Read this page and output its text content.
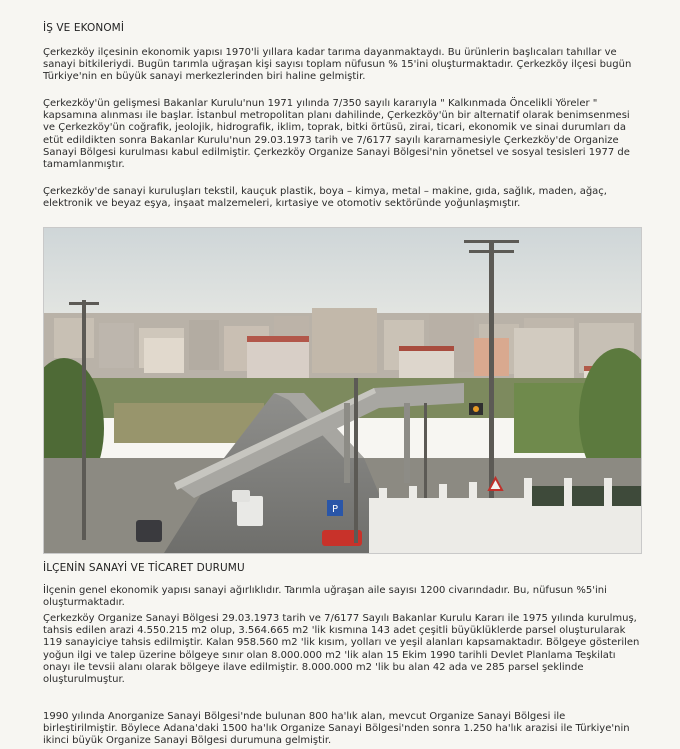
İŞ VE EKONOMİ

Çerkezköy ilçesinin ekonomik yapısı 1970'li yıllara kadar tarıma dayanmaktaydı. Bu ürünlerin başlıcaları tahıllar ve sanayi bitkileriydi. Bugün tarımla uğraşan kişi sayısı toplam nüfusun % 15'ini oluşturmaktadır. Çerkezköy ilçesi bugün Türkiye'nin en büyük sanayi merkezlerinden biri haline gelmiştir.

Çerkezköy'ün gelişmesi Bakanlar Kurulu'nun 1971 yılında 7/350 sayılı kararıyla " Kalkınmada Öncelikli Yöreler " kapsamına alınması ile başlar. İstanbul metropolitan planı dahilinde, Çerkezköy'ün bir alternatif olarak benimsenmesi ve Çerkezköy'ün coğrafik, jeolojik, hidrografik, iklim, toprak, bitki örtüsü, zirai, ticari, ekonomik ve sinai durumları da etüt edildikten sonra Bakanlar Kurulu'nun 29.03.1973 tarih ve 7/6177 sayılı kararnamesiyle Çerkezköy'de Organize Sanayi Bölgesi kurulması kabul edilmiştir. Çerkezköy Organize Sanayi Bölgesi'nin yönetsel ve sosyal tesisleri 1977 de tamamlanmıştır.

Çerkezköy'de sanayi kuruluşları tekstil, kauçuk plastik, boya – kimya, metal – makine, gıda, sağlık, maden, ağaç, elektronik ve beyaz eşya, inşaat malzemeleri, kırtasiye ve otomotiv sektöründe yoğunlaşmıştır.

P
İLÇENİN SANAYİ VE TİCARET DURUMU

İlçenin genel ekonomik yapısı sanayi ağırlıklıdır. Tarımla uğraşan aile sayısı 1200 civarındadır. Bu, nüfusun %5'ini oluşturmaktadır.

Çerkezköy Organize Sanayi Bölgesi 29.03.1973 tarih ve 7/6177 Sayılı Bakanlar Kurulu Kararı ile 1975 yılında kurulmuş, tahsis edilen arazi 4.550.215 m2 olup, 3.564.665 m2 'lik kısmına 143 adet çeşitli büyüklüklerde parsel oluşturularak 119 sanayiciye tahsis edilmiştir. Kalan 958.560 m2 'lik kısım, yolları ve yeşil alanları kapsamaktadır. Bölgeye gösterilen yoğun ilgi ve talep üzerine bölgeye sınır olan 8.000.000 m2 'lik alan 15 Ekim 1990 tarihli Devlet Planlama Teşkilatı onayı ile tevsii alanı olarak bölgeye ilave edilmiştir. 8.000.000 m2 'lik bu alan 42 ada ve 285 parsel şeklinde oluşturulmuştur.

1990 yılında Anorganize Sanayi Bölgesi'nde bulunan 800 ha'lık alan, mevcut Organize Sanayi Bölgesi ile birleştirilmiştir. Böylece Adana'daki 1500 ha'lık Organize Sanayi Bölgesi'nden sonra 1.250 ha'lık arazisi ile Türkiye'nin ikinci büyük Organize Sanayi Bölgesi durumuna gelmiştir.
